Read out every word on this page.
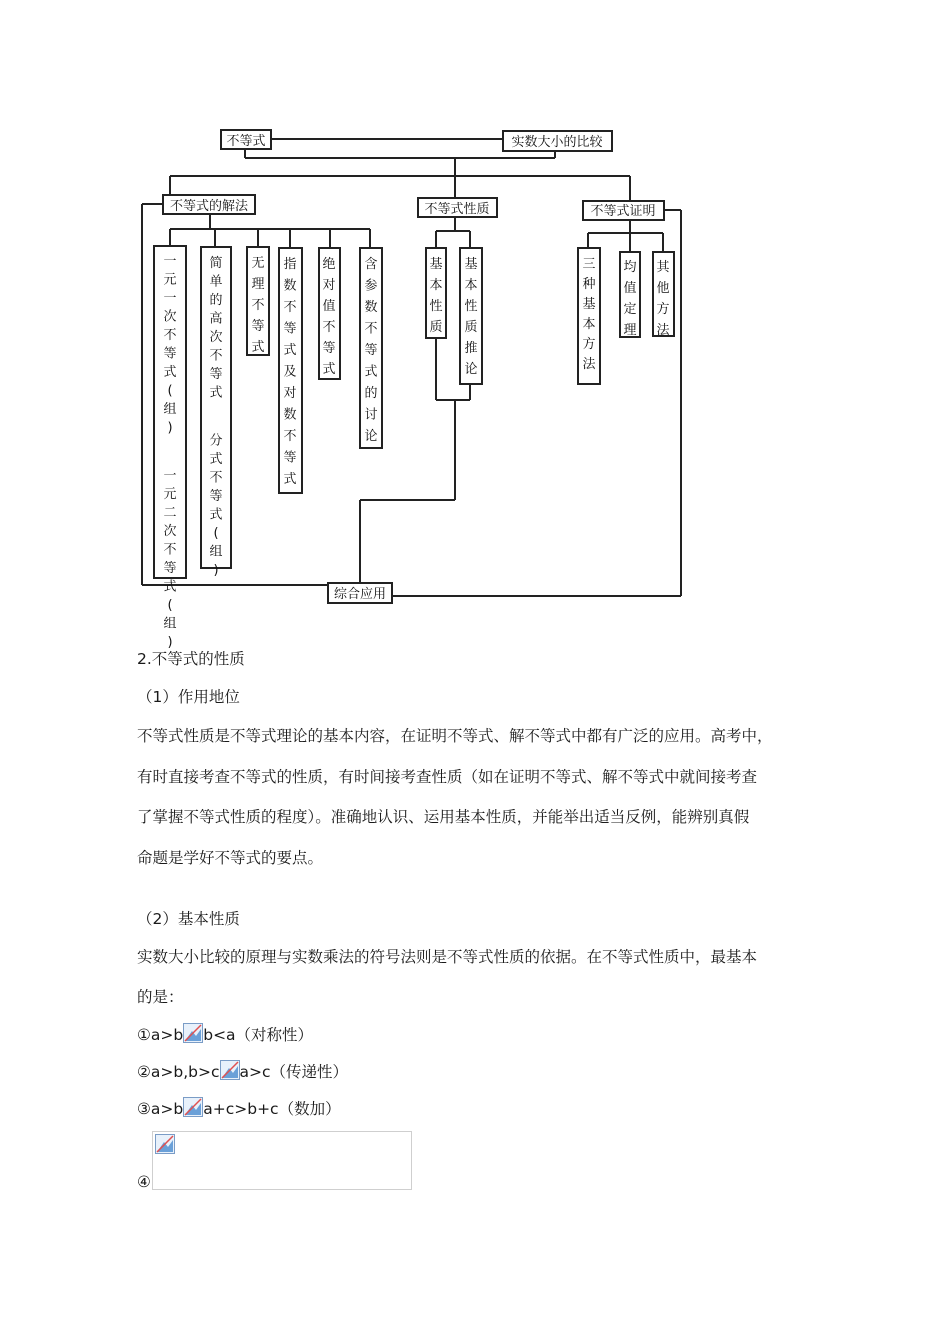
不等式	实数大小的比较
不等式的解法	不等式性质	不等式证明
综合应用
一元一次不等式(组)一元二次不等式(组)
简单的高次不等式分式不等式(组)
无理不等式
指数不等式及对数不等式
绝对值不等式
含参数不等式的讨论
基本性质
基本性质推论
三种基本方法
均值定理
其他方法
2.不等式的性质
（1）作用地位
不等式性质是不等式理论的基本内容，在证明不等式、解不等式中都有广泛的应用。高考中，
有时直接考查不等式的性质，有时间接考查性质（如在证明不等式、解不等式中就间接考查
了掌握不等式性质的程度）。准确地认识、运用基本性质，并能举出适当反例，能辨别真假
命题是学好不等式的要点。
（2）基本性质
实数大小比较的原理与实数乘法的符号法则是不等式性质的依据。在不等式性质中，最基本
的是：
①a>b b<a（对称性）
②a>b,b>c a>c（传递性）
③a>b a+c>b+c（数加）
④
